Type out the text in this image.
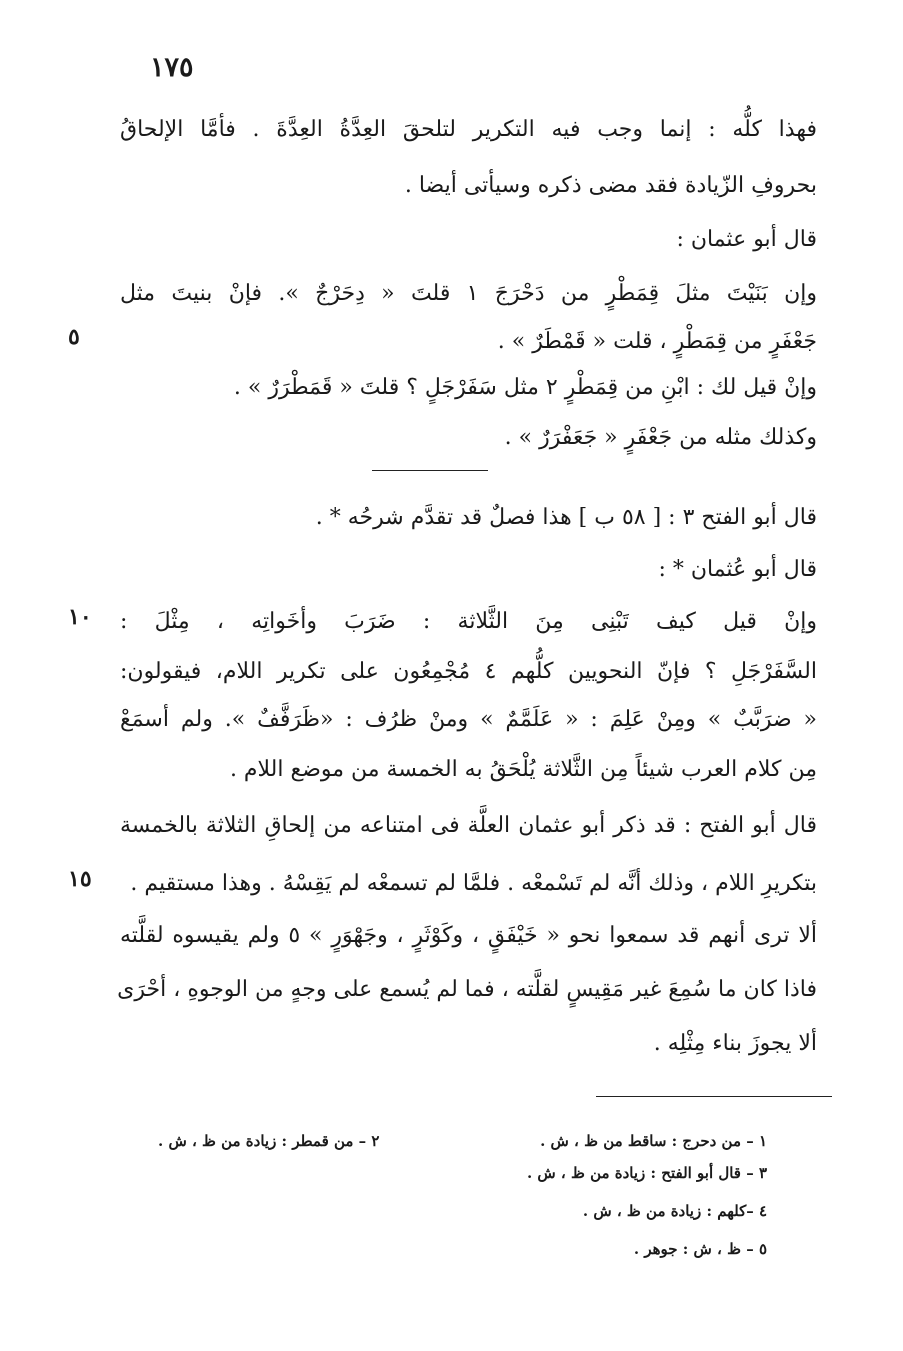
١٧٥
فهذا كلُّه : إنما وجب فيه التكرير لتلحقَ العِدَّةُ العِدَّةَ . فأمَّا الإلحاقُ
بحروفِ الزّيادة فقد مضى ذكره وسيأتى أيضا .
قال أبو عثمان :
وإن بَنَيْتَ مثلَ قِمَطْرٍ من دَحْرَجَ ١ قلتَ « دِحَرْجٌ ». فإنْ بنيتَ مثل
جَعْفَرٍ من قِمَطْرٍ ، قلت « قَمْطَرٌ » .
وإنْ قيل لك : ابْنِ من قِمَطْرٍ ٢ مثل سَفَرْجَلٍ ؟ قلتَ « قَمَطْرَرٌ » .
وكذلك مثله من جَعْفَرٍ « جَعَفْرَرٌ » .
٥
قال أبو الفتح ٣ : [ ٥٨ ب ] هذا فصلٌ قد تقدَّم شرحُه * .
قال أبو عُثمان * :
وإنْ قيل كيف تَبْنِى مِنَ الثَّلاثة : ضَرَبَ وأخَواتِه ، مِثْلَ :
السَّفَرْجَلِ ؟ فإنّ النحويين كلُّهم ٤ مُجْمِعُون على تكرير اللام، فيقولون:
« ضرَبَّبٌ » ومِنْ عَلِمَ : « عَلَمَّمٌ » ومنْ ظرُف : «ظَرَفَّفٌ ». ولم أسمَعْ
مِن كلام العرب شيئاً مِن الثَّلاثة يُلْحَقُ به الخمسة من موضع اللام .
قال أبو الفتح : قد ذكر أبو عثمان العلَّة فى امتناعه من إلحاقِ الثلاثة بالخمسة
بتكريرِ اللام ، وذلك أنَّه لم تَسْمعْه . فلمَّا لم تسمعْه لم يَقِسْهُ . وهذا مستقيم .
ألا ترى أنهم قد سمعوا نحو « خَيْفَقٍ ، وكَوْثَرٍ ، وجَهْوَرٍ » ٥ ولم يقيسوه لقلَّته
فاذا كان ما سُمِعَ غير مَقِيسٍ لقلَّته ، فما لم يُسمع على وجهٍ من الوجوهِ ، أحْرَى
ألا يجوزَ بناء مِثْلِه .
١٠
١٥
١ – من دحرج : ساقط من ظ ، ش .
٢ – من قمطر : زيادة من ظ ، ش .
٣ – قال أبو الفتح : زيادة من ظ ، ش .
٤ –كلهم : زيادة من ظ ، ش .
٥ – ظ ، ش : جوهر .
